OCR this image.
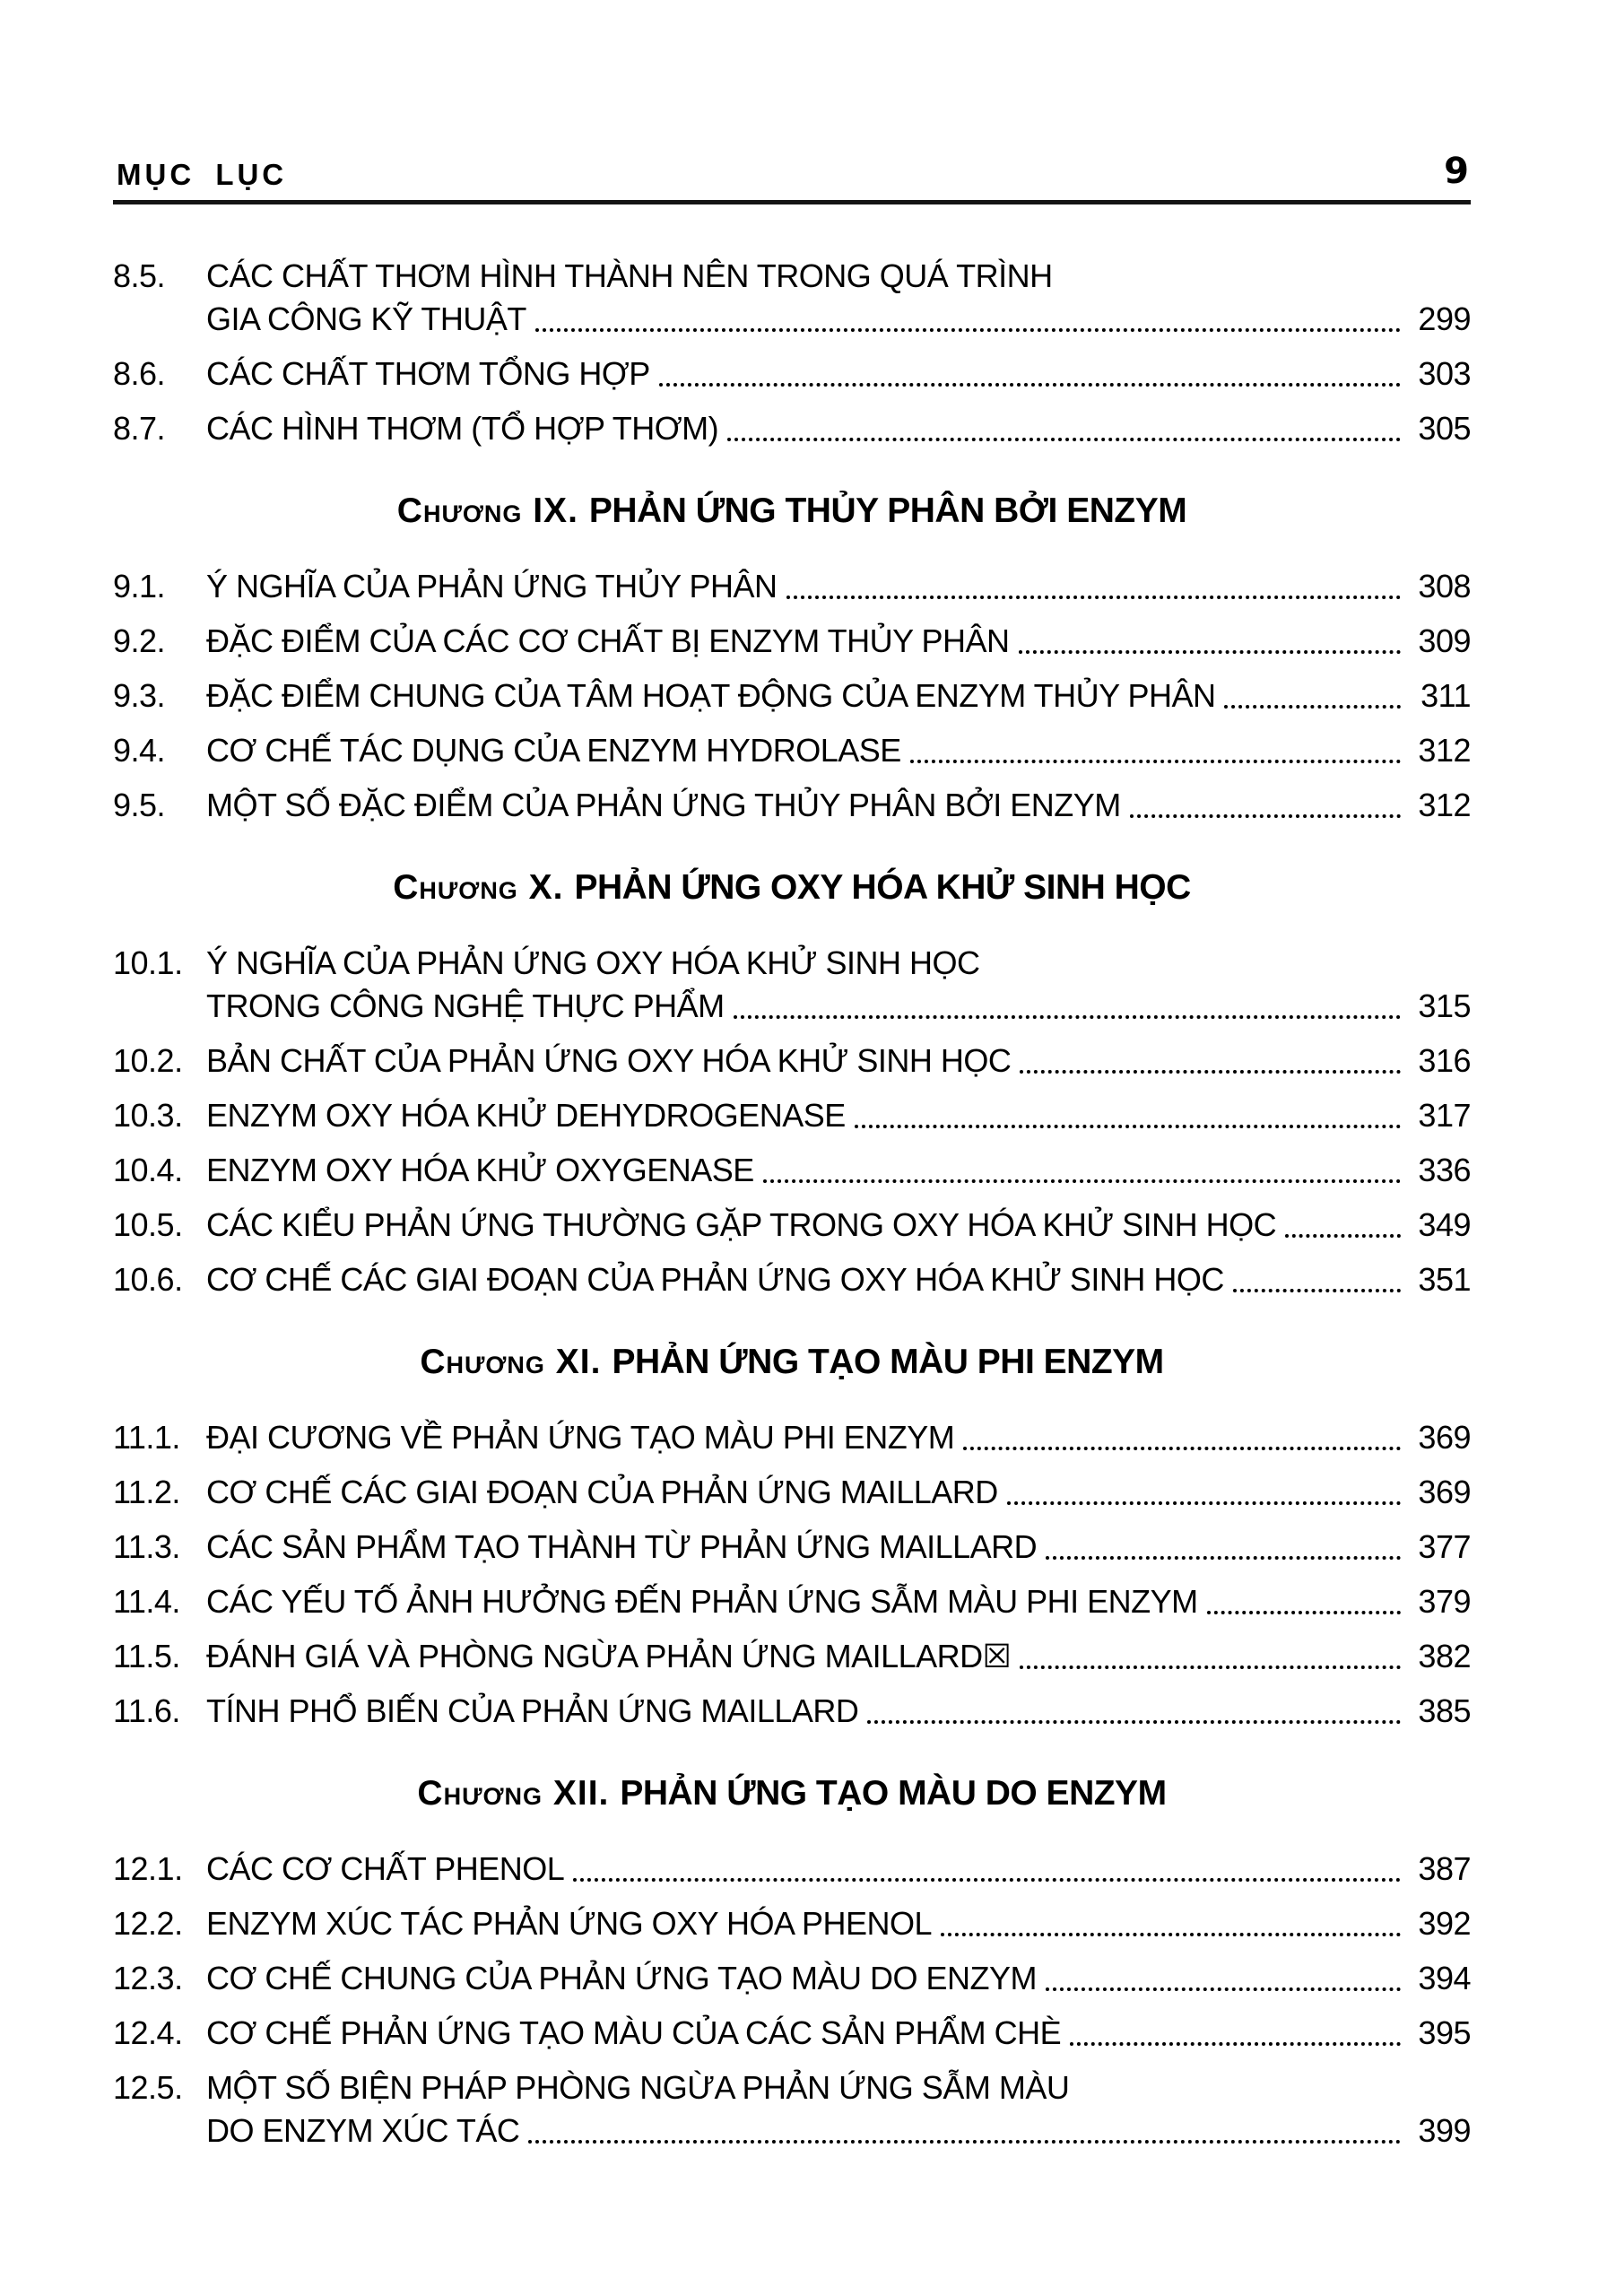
MỤC LỤC	9
8.5.	CÁC CHẤT THƠM HÌNH THÀNH NÊN TRONG QUÁ TRÌNH
GIA CÔNG KỸ THUẬT	299
8.6.	CÁC CHẤT THƠM TỔNG HỢP	303
8.7.	CÁC HÌNH THƠM (TỔ HỢP THƠM)	305
Chương IX. PHẢN ỨNG THỦY PHÂN BỞI ENZYM
9.1.	Ý NGHĨA CỦA PHẢN ỨNG THỦY PHÂN	308
9.2.	ĐẶC ĐIỂM CỦA CÁC CƠ CHẤT BỊ ENZYM THỦY PHÂN	309
9.3.	ĐẶC ĐIỂM CHUNG CỦA TÂM HOẠT ĐỘNG CỦA ENZYM THỦY PHÂN	311
9.4.	CƠ CHẾ TÁC DỤNG CỦA ENZYM HYDROLASE	312
9.5.	MỘT SỐ ĐẶC ĐIỂM CỦA PHẢN ỨNG THỦY PHÂN BỞI ENZYM	312
Chương X. PHẢN ỨNG OXY HÓA KHỬ SINH HỌC
10.1. Ý NGHĨA CỦA PHẢN ỨNG OXY HÓA KHỬ SINH HỌC
TRONG CÔNG NGHỆ THỰC PHẨM	315
10.2. BẢN CHẤT CỦA PHẢN ỨNG OXY HÓA KHỬ SINH HỌC	316
10.3. ENZYM OXY HÓA KHỬ DEHYDROGENASE	317
10.4. ENZYM OXY HÓA KHỬ OXYGENASE	336
10.5. CÁC KIỂU PHẢN ỨNG THƯỜNG GẶP TRONG OXY HÓA KHỬ SINH HỌC	349
10.6. CƠ CHẾ CÁC GIAI ĐOẠN CỦA PHẢN ỨNG OXY HÓA KHỬ SINH HỌC	351
Chương XI. PHẢN ỨNG TẠO MÀU PHI ENZYM
11.1. ĐẠI CƯƠNG VỀ PHẢN ỨNG TẠO MÀU PHI ENZYM	369
11.2. CƠ CHẾ CÁC GIAI ĐOẠN CỦA PHẢN ỨNG MAILLARD	369
11.3. CÁC SẢN PHẨM TẠO THÀNH TỪ PHẢN ỨNG MAILLARD	377
11.4. CÁC YẾU TỐ ẢNH HƯỞNG ĐẾN PHẢN ỨNG SẪM MÀU PHI ENZYM	379
11.5. ĐÁNH GIÁ VÀ PHÒNG NGỪA PHẢN ỨNG MAILLARD☒	382
11.6. TÍNH PHỔ BIẾN CỦA PHẢN ỨNG MAILLARD	385
Chương XII. PHẢN ỨNG TẠO MÀU DO ENZYM
12.1. CÁC CƠ CHẤT PHENOL	387
12.2. ENZYM XÚC TÁC PHẢN ỨNG OXY HÓA PHENOL	392
12.3. CƠ CHẾ CHUNG CỦA PHẢN ỨNG TẠO MÀU DO ENZYM	394
12.4. CƠ CHẾ PHẢN ỨNG TẠO MÀU CỦA CÁC SẢN PHẨM CHÈ	395
12.5. MỘT SỐ BIỆN PHÁP PHÒNG NGỪA PHẢN ỨNG SẪM MÀU
DO ENZYM XÚC TÁC	399
